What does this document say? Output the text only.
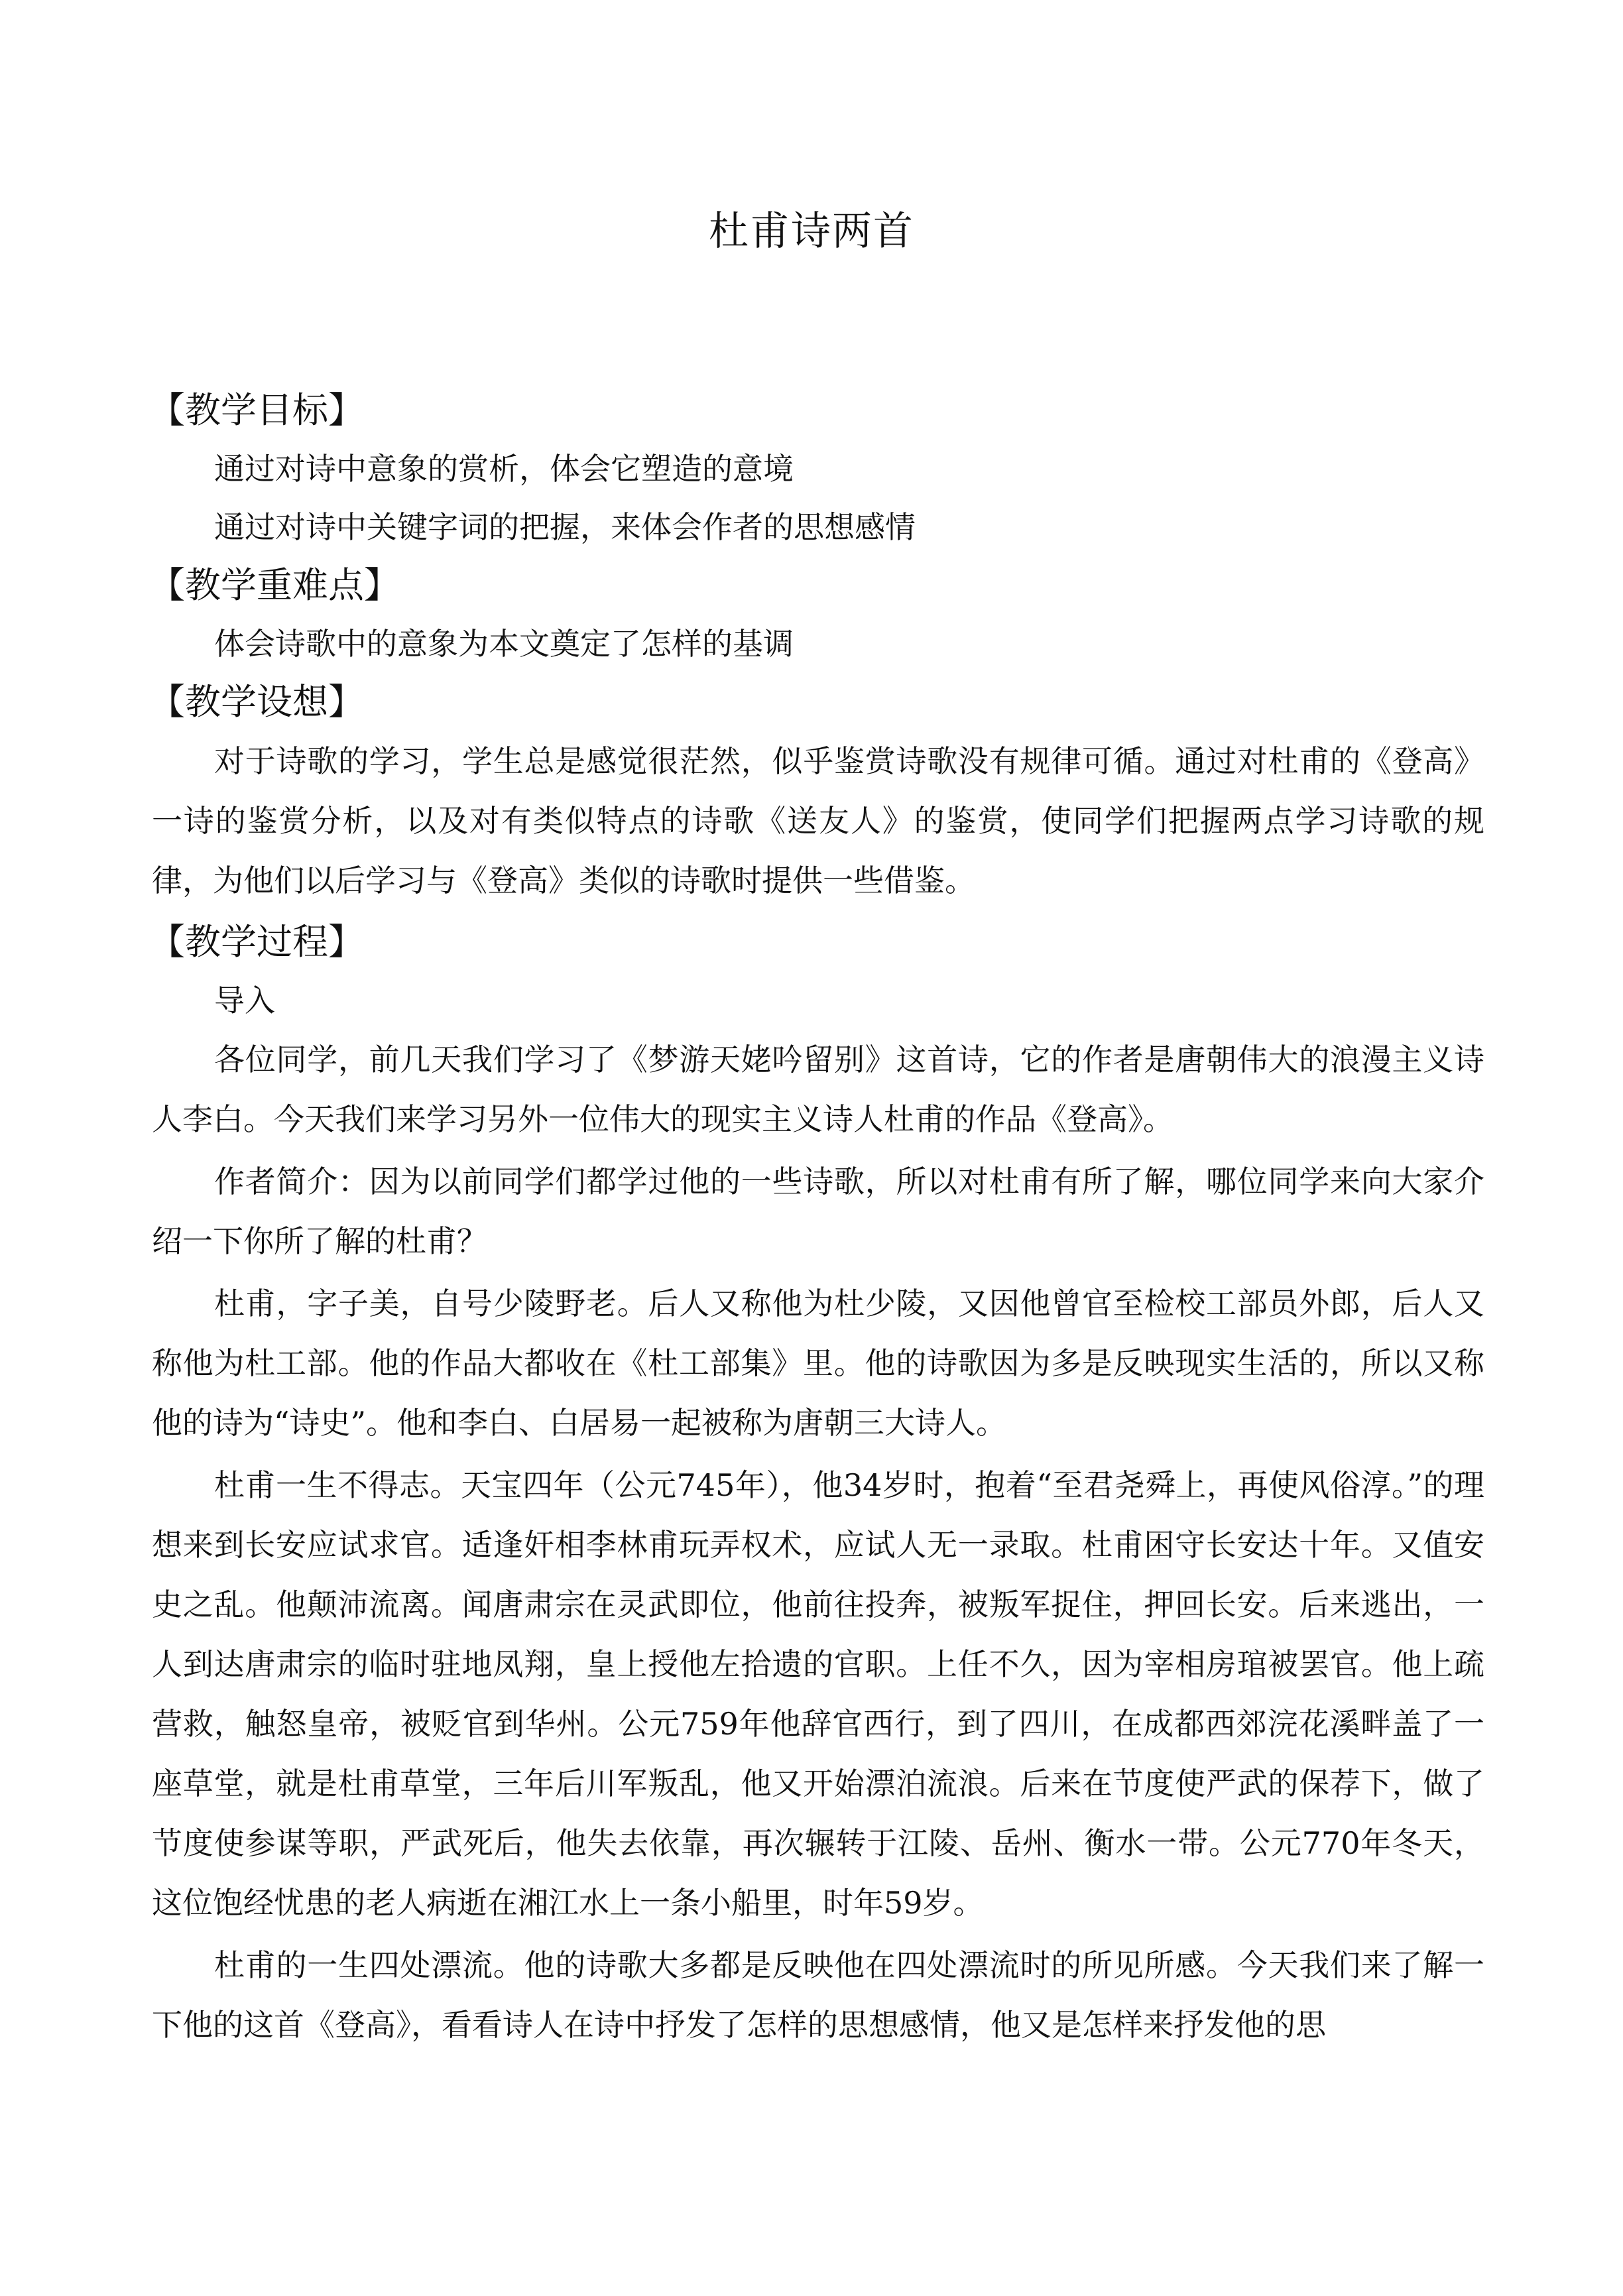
杜甫诗两首
【教学目标】
通过对诗中意象的赏析，体会它塑造的意境
通过对诗中关键字词的把握，来体会作者的思想感情
【教学重难点】
体会诗歌中的意象为本文奠定了怎样的基调
【教学设想】

对于诗歌的学习，学生总是感觉很茫然，似乎鉴赏诗歌没有规律可循。通过对杜甫的《登高》一诗的鉴赏分析，以及对有类似特点的诗歌《送友人》的鉴赏，使同学们把握两点学习诗歌的规律，为他们以后学习与《登高》类似的诗歌时提供一些借鉴。

【教学过程】
导入

各位同学，前几天我们学习了《梦游天姥吟留别》这首诗，它的作者是唐朝伟大的浪漫主义诗人李白。今天我们来学习另外一位伟大的现实主义诗人杜甫的作品《登高》。

作者简介：因为以前同学们都学过他的一些诗歌，所以对杜甫有所了解，哪位同学来向大家介绍一下你所了解的杜甫？

杜甫，字子美，自号少陵野老。后人又称他为杜少陵，又因他曾官至检校工部员外郎，后人又称他为杜工部。他的作品大都收在《杜工部集》里。他的诗歌因为多是反映现实生活的，所以又称他的诗为“诗史”。他和李白、白居易一起被称为唐朝三大诗人。

杜甫一生不得志。天宝四年（公元745年），他34岁时，抱着“至君尧舜上，再使风俗淳。”的理想来到长安应试求官。适逢奸相李林甫玩弄权术，应试人无一录取。杜甫困守长安达十年。又值安史之乱。他颠沛流离。闻唐肃宗在灵武即位，他前往投奔，被叛军捉住，押回长安。后来逃出，一人到达唐肃宗的临时驻地凤翔，皇上授他左拾遗的官职。上任不久，因为宰相房琯被罢官。他上疏营救，触怒皇帝，被贬官到华州。公元759年他辞官西行，到了四川，在成都西郊浣花溪畔盖了一座草堂，就是杜甫草堂，三年后川军叛乱，他又开始漂泊流浪。后来在节度使严武的保荐下，做了节度使参谋等职，严武死后，他失去依靠，再次辗转于江陵、岳州、衡水一带。公元770年冬天，这位饱经忧患的老人病逝在湘江水上一条小船里，时年59岁。

杜甫的一生四处漂流。他的诗歌大多都是反映他在四处漂流时的所见所感。今天我们来了解一下他的这首《登高》，看看诗人在诗中抒发了怎样的思想感情，他又是怎样来抒发他的思
